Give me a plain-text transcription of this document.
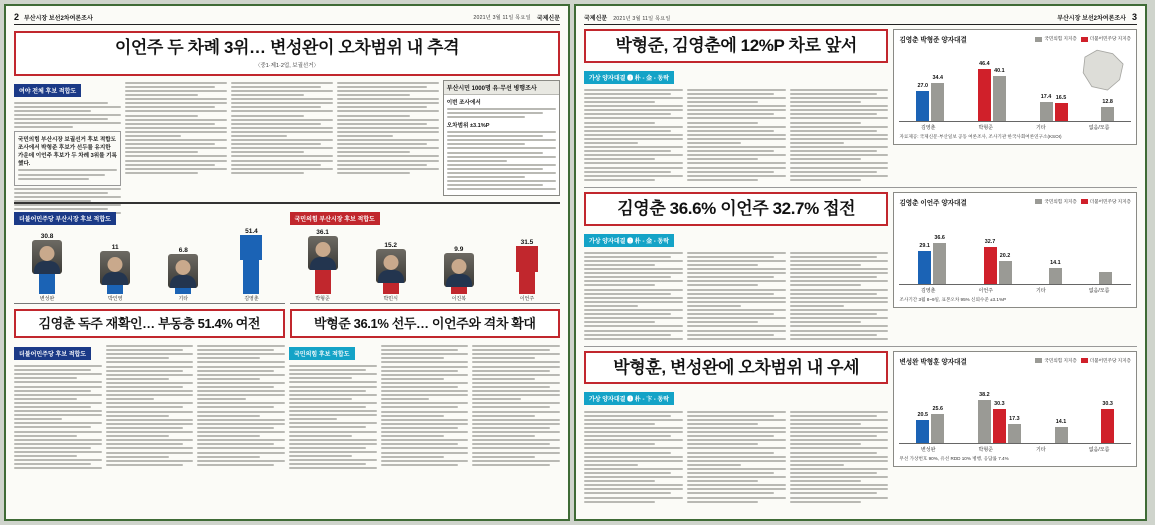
2 부산시장 보선2차여론조사	2021년 3월 11일 목요일 국제신문
이언주 두 차례 3위… 변성완이 오차범위 내 추격
〈중1·제1·2업, 보궐선거〉
여야 전체 후보 적합도
국민의힘 부산시장 보궐선거 후보 적합도 조사에서 박형준 후보가 선두를 유지한 가운데 이언주 후보가 두 차례 3위를 기록했다.
부산시민 1000명 유·무선 병행조사
이번 조사에서
오차범위 ±3.1%P
더불어민주당 부산시장 후보 적합도
30.8
변성완
11
박인영
6.8
기타
51.4
김영춘
국민의힘 부산시장 후보 적합도
36.1
박형준
15.2
박민식
9.9
이진복
31.5
이언주
김영춘 독주 재확인… 부동층 51.4% 여전	박형준 36.1% 선두… 이언주와 격차 확대
더불어민주당 후보 적합도	국민의힘 후보 적합도
국제신문 2021년 3월 11일 목요일	부산시장 보선2차여론조사 3
박형준, 김영춘에 12%P 차로 앞서
가상 양자대결 ❶ 朴 - 金 - 동락
김영춘 박형준 양자대결	국민의힘 지지층	더불어민주당 지지층
27.0
34.4
46.4
40.1
17.4 16.5
12.8
김영춘	박형준	기타	없음/모름
자료제공: 국제신문·부산일보 공동 여론조사, 조사기관 한국사회여론연구소(KSOI)
김영춘 36.6% 이언주 32.7% 접전
가상 양자대결 ❷ 朴 - 金 - 동락
김영춘 이언주 양자대결	국민의힘 지지층	더불어민주당 지지층
29.1
36.6
32.7
20.2
14.1
김영춘	이언주	기타	없음/모름
조사기간 3월 8~9일, 표본오차 95% 신뢰수준 ±3.1%P
박형훈, 변성완에 오차범위 내 우세
가상 양자대결 ❸ 朴 - 卞 - 동락
변성완 박형훈 양자대결	국민의힘 지지층	더불어민주당 지지층
20.5
25.6
38.2
30.3
17.3
14.1
30.3
변성완	박형준	기타	없음/모름
무선 가상번호 90%, 유선 RDD 10% 병행, 응답률 7.4%
